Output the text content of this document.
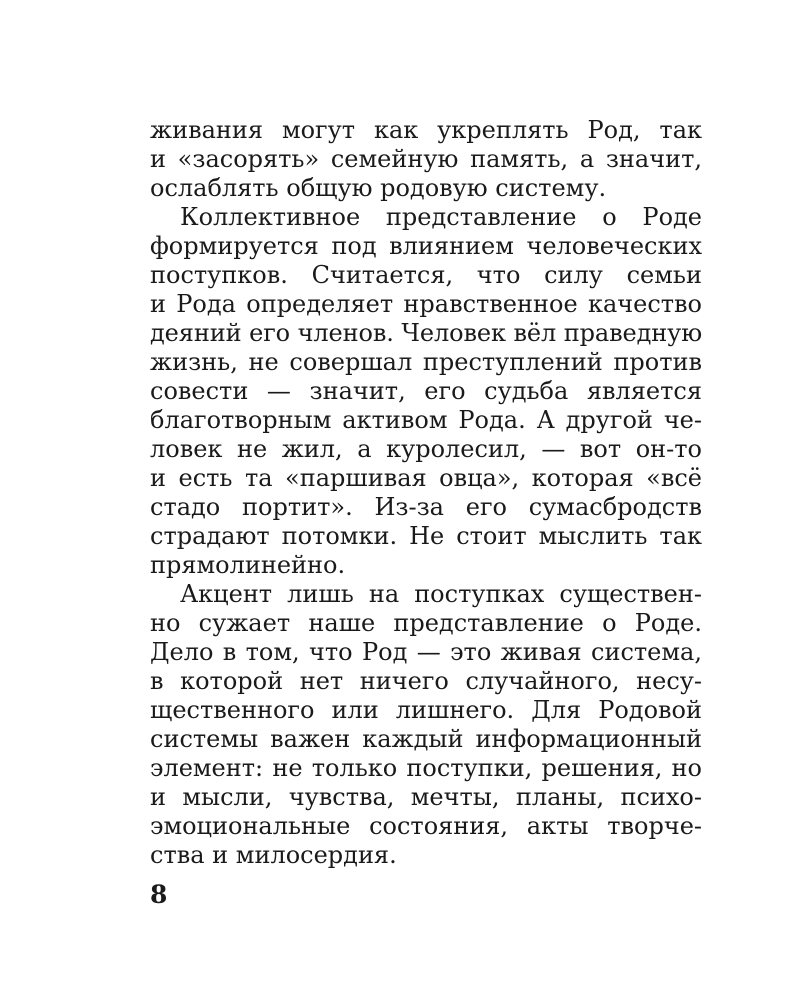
живания могут как укреплять Род, так
и «засорять» семейную память, а значит,
ослаблять общую родовую систему.
Коллективное представление о Роде
формируется под влиянием человеческих
поступков. Считается, что силу семьи
и Рода определяет нравственное качество
деяний его членов. Человек вёл праведную
жизнь, не совершал преступлений против
совести — значит, его судьба является
благотворным активом Рода. А другой че-
ловек не жил, а куролесил, — вот он-то
и есть та «паршивая овца», которая «всё
стадо портит». Из-за его сумасбродств
страдают потомки. Не стоит мыслить так
прямолинейно.
Акцент лишь на поступках существен-
но сужает наше представление о Роде.
Дело в том, что Род — это живая система,
в которой нет ничего случайного, несу-
щественного или лишнего. Для Родовой
системы важен каждый информационный
элемент: не только поступки, решения, но
и мысли, чувства, мечты, планы, психо-
эмоциональные состояния, акты творче-
ства и милосердия.
8
